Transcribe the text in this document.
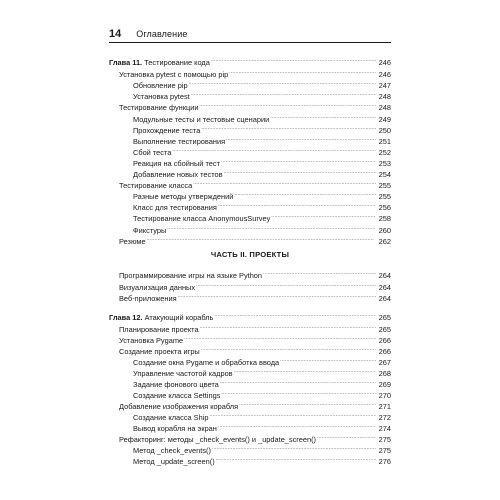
14 Оглавление
ЧАСТЬ II. ПРОЕКТЫ
Глава 11. Тестирование кода . . .	246
Установка pytest с помощью pip . . .	246
Обновление pip . . .	247
Установка pytest . . .	248
Тестирование функции . . .	248
Модульные тесты и тестовые сценарии . . .	249
Прохождение теста . . .	250
Выполнение тестирования . . .	251
Сбой теста . . .	252
Реакция на сбойный тест . . .	253
Добавление новых тестов . . .	254
Тестирование класса . . .	255
Разные методы утверждений . . .	255
Класс для тестирования . . .	256
Тестирование класса AnonymousSurvey . . .	258
Фикстуры . . .	260
Резюме . . .	262
Программирование игры на языке Python . . .	264
Визуализация данных . . .	264
Веб-приложения . . .	264
Глава 12. Атакующий корабль . . .	265
Планирование проекта . . .	265
Установка Pygame . . .	266
Создание проекта игры . . .	266
Создание окна Pygame и обработка ввода . . .	267
Управление частотой кадров . . .	268
Задание фонового цвета . . .	269
Создание класса Settings . . .	270
Добавление изображения корабля . . .	271
Создание класса Ship . . .	272
Вывод корабля на экран . . .	274
Рефакторинг: методы _check_events() и _update_screen() . . .	275
Метод _check_events() . . .	275
Метод _update_screen() . . .	276
